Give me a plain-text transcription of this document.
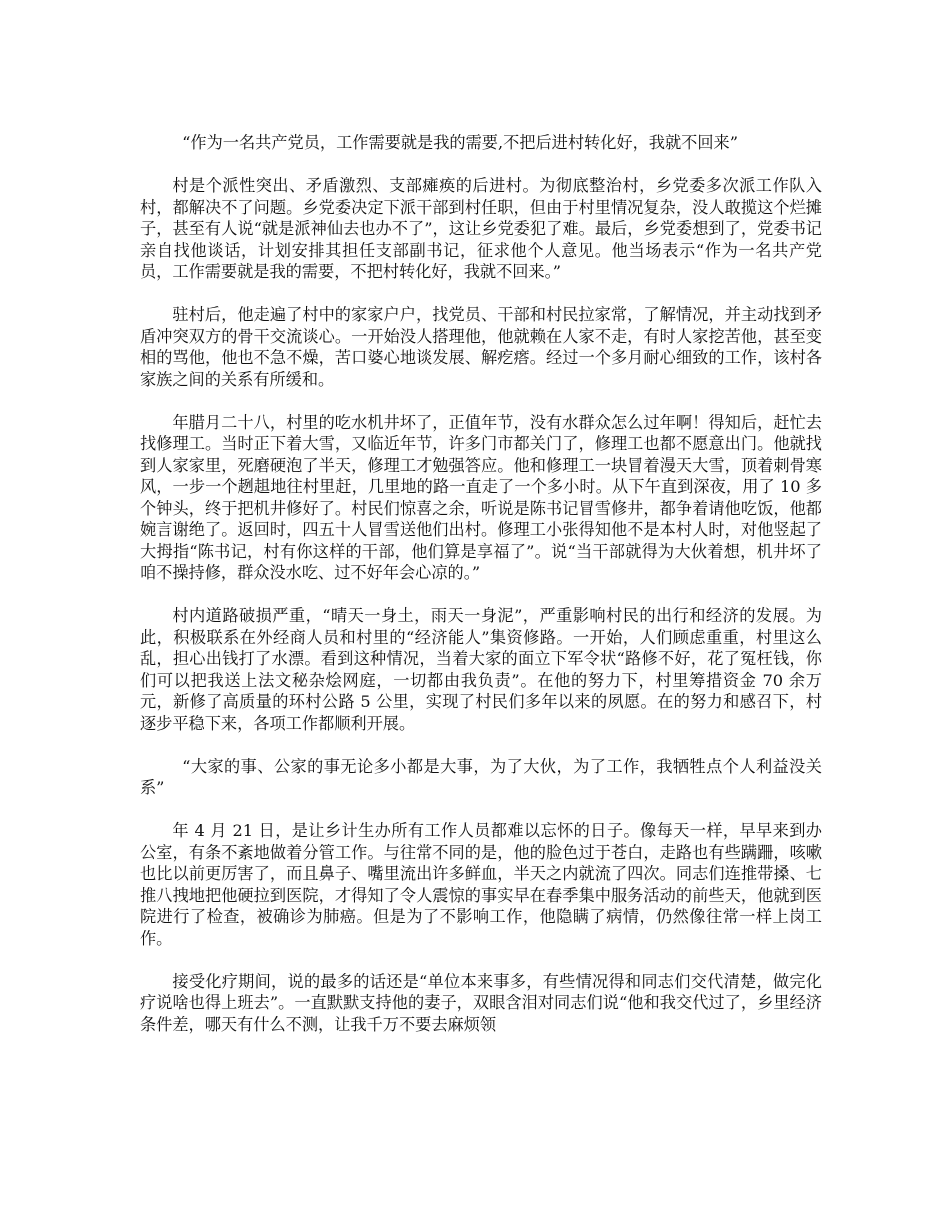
“作为一名共产党员，工作需要就是我的需要,不把后进村转化好，我就不回来”

村是个派性突出、矛盾激烈、支部瘫痪的后进村。为彻底整治村，乡党委多次派工作队入村，都解决不了问题。乡党委决定下派干部到村任职，但由于村里情况复杂，没人敢揽这个烂摊子，甚至有人说“就是派神仙去也办不了”，这让乡党委犯了难。最后，乡党委想到了，党委书记亲自找他谈话，计划安排其担任支部副书记，征求他个人意见。他当场表示“作为一名共产党员，工作需要就是我的需要，不把村转化好，我就不回来。”

驻村后，他走遍了村中的家家户户，找党员、干部和村民拉家常，了解情况，并主动找到矛盾冲突双方的骨干交流谈心。一开始没人搭理他，他就赖在人家不走，有时人家挖苦他，甚至变相的骂他，他也不急不燥，苦口婆心地谈发展、解疙瘩。经过一个多月耐心细致的工作，该村各家族之间的关系有所缓和。

年腊月二十八，村里的吃水机井坏了，正值年节，没有水群众怎么过年啊！得知后，赶忙去找修理工。当时正下着大雪，又临近年节，许多门市都关门了，修理工也都不愿意出门。他就找到人家家里，死磨硬泡了半天，修理工才勉强答应。他和修理工一块冒着漫天大雪，顶着刺骨寒风，一步一个趔趄地往村里赶，几里地的路一直走了一个多小时。从下午直到深夜，用了 10 多个钟头，终于把机井修好了。村民们惊喜之余，听说是陈书记冒雪修井，都争着请他吃饭，他都婉言谢绝了。返回时，四五十人冒雪送他们出村。修理工小张得知他不是本村人时，对他竖起了大拇指“陈书记，村有你这样的干部，他们算是享福了”。说“当干部就得为大伙着想，机井坏了咱不操持修，群众没水吃、过不好年会心凉的。”

村内道路破损严重，“晴天一身土，雨天一身泥”，严重影响村民的出行和经济的发展。为此，积极联系在外经商人员和村里的“经济能人”集资修路。一开始，人们顾虑重重，村里这么乱，担心出钱打了水漂。看到这种情况，当着大家的面立下军令状“路修不好，花了冤枉钱，你们可以把我送上法文秘杂烩网庭，一切都由我负责”。在他的努力下，村里筹措资金 70 余万元，新修了高质量的环村公路 5 公里，实现了村民们多年以来的夙愿。在的努力和感召下，村逐步平稳下来，各项工作都顺利开展。

“大家的事、公家的事无论多小都是大事，为了大伙，为了工作，我牺牲点个人利益没关系”

年 4 月 21 日，是让乡计生办所有工作人员都难以忘怀的日子。像每天一样，早早来到办公室，有条不紊地做着分管工作。与往常不同的是，他的脸色过于苍白，走路也有些蹒跚，咳嗽也比以前更厉害了，而且鼻子、嘴里流出许多鲜血，半天之内就流了四次。同志们连推带搡、七推八拽地把他硬拉到医院，才得知了令人震惊的事实早在春季集中服务活动的前些天，他就到医院进行了检查，被确诊为肺癌。但是为了不影响工作，他隐瞒了病情，仍然像往常一样上岗工作。

接受化疗期间，说的最多的话还是“单位本来事多，有些情况得和同志们交代清楚，做完化疗说啥也得上班去”。一直默默支持他的妻子，双眼含泪对同志们说“他和我交代过了，乡里经济条件差，哪天有什么不测，让我千万不要去麻烦领
